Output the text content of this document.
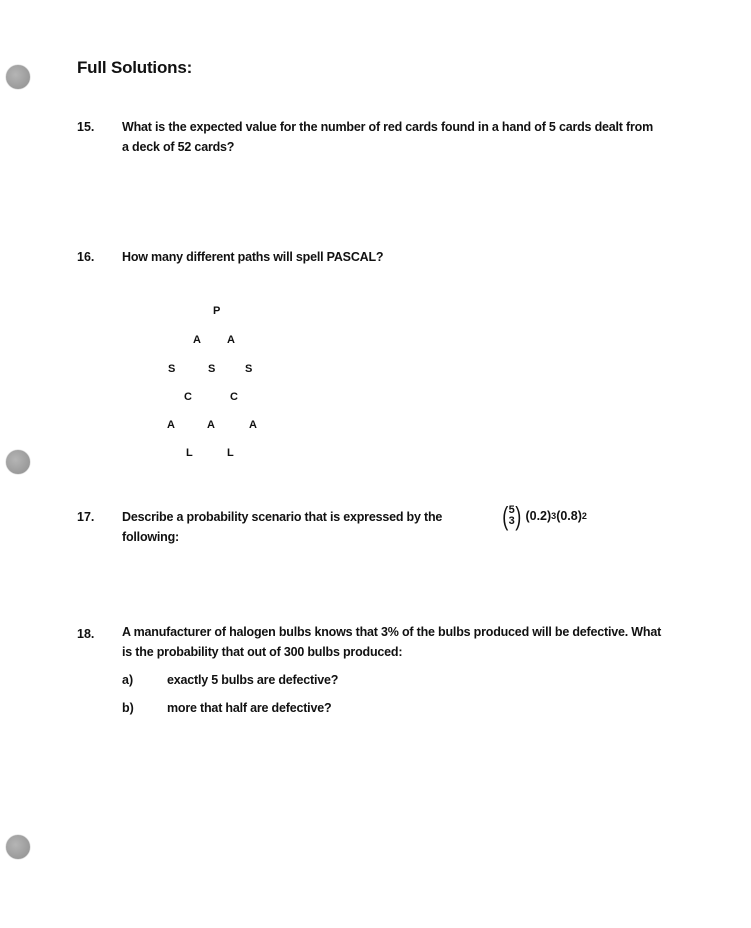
Full Solutions:
15. What is the expected value for the number of red cards found in a hand of 5 cards dealt from a deck of 52 cards?
16. How many different paths will spell PASCAL?
P
A A
S	S	S
C	C
A	A	A
L	L
17. Describe a probability scenario that is expressed by the following:
( 5
3 ) (0.2) 3 (0.8) 2
18. A manufacturer of halogen bulbs knows that 3% of the bulbs produced will be defective. What is the probability that out of 300 bulbs produced:
a)	exactly 5 bulbs are defective?
b)	more that half are defective?
